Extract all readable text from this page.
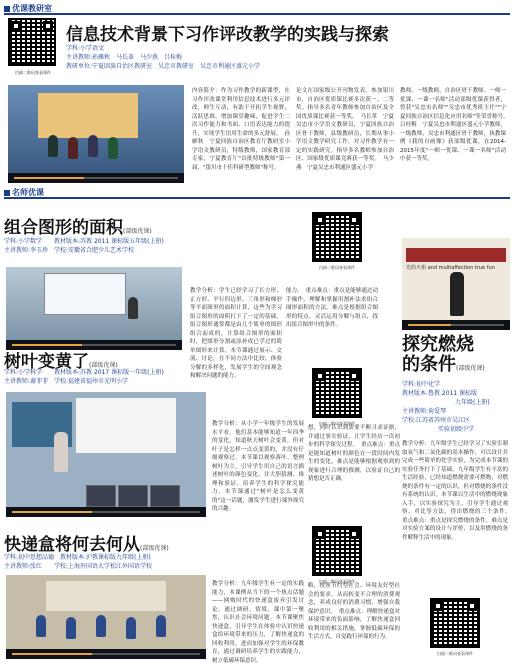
优课教研室
扫描二维码查看课件
信息技术背景下习作评改教学的实践与探索
学科:小学语文
主讲教师:孙雁秋　马长革　马少燕　吕桂梅
教研单位:宁夏回族自治区教研室　吴忠市教研室　吴忠市利通区盛元小学
内容简介：作为习作教学的新课型，在习作评改课堂利用信息技术进行多元评改，师生互动，有助于开拓学生视野，活跃思维，增加课堂趣味，促进学生二次习作能力和书面、口语表达能力的提升，实现学生语用生命的多元舒展。　孙雁秋　宁夏回族自治区教育厅教研室小学语文教研员，特级教师，国家教育部专家，宁夏教育厅"首批特级教师"第一届，"银川市十佳科研型教师"称号。
论文在国家级公开刊物发表。参加银川市，自治区优质课比赛多次获一、二等奖。指导多名青年教师参加自治区及全国优质课比赛获一等奖。　马长革　宁夏吴忠市小学语文教研员，宁夏回族自治区骨干教师，县级教研员，长期从事小学语文教学研究工作，对习作教学有一定的实践研究。指导多名教师参加自治区、国家级优质课竞赛获一等奖。　马少燕　宁夏吴忠市利通区盛元小学
教师，一级教师，自治区骨干教师。一师一优课、一课一名师"活动部级优课获得者，曾获"吴忠市名师""吴忠市优秀班主任""宁夏回族自治区信息化应用名师"等荣誉称号。　吕桂梅　宁夏吴忠市利通区盛元小学教师，一级教师，吴忠市利通区骨干教师，执教课例《我的自画像》获部级优课，在2014-2015年度"一师一优课、一课一名师"活动中获一等奖。
名师优课
组合图形的面积(部级优课)
学科:小学数学　　教材版本:苏教 2011 课标版五年级(上册)
主讲教师:李玉珍　学校:安徽省合肥少儿艺术学校
扫描二维码查看课件
教学分析：学生已经学习了长方形、正方形、平行四边形、三角形和梯形等平面图形的面积计算，这些为学习组合图形的面积打下了一定的基础。组合图形通常都是由几个简单的图形组合而成的，计算组合图形的面积时，把图形分割或添补成已学过的简单图形来计算。本节课通过展示、交流、讨论，在不同方法中比较、体验分解的多样化，发展学生的空间观念和解决问题的能力。
能力。　重点难点：重点是能够通过动手操作，理解和掌握用割补法求组合图形面积的方法。难点是根据组合图形的特点，灵活运用分解与组合，找出组合图形中的条件。
树叶变黄了(部级优课)
学科:小学科学　　教材版本:苏教 2017 课标版一年级(上册)
主讲教师:谢菲菲　学校:福建省福州市光明小学
扫描二维码查看课件
教学分析：从小学一年级学生的发展水平看，他们基本能够知道一年四季的变化，知道秋天树叶会变黄，但对叶子是怎样一点点变黄的，并没有仔细观察过。本节课以观察落叶、整理树叶为主，引导学生用自己的语言描述树叶的颜色变化，并大胆猜测、推理和验证，培养学生的科学探究能力。本节课通过"树叶是怎么变黄的"这一话题，激发学生进行课外探究的兴趣。
想，同时认识到需要不断寻求证据，并通过事实验证，让学生经历一次初步的科学探究过程。　重点难点：重点是能知道树叶的颜色在一段时间内发生的变化，难点是能够根据观察到的现象进行合理的推测，以验证自己的猜想是否正确。
快递盒将何去何从(部级优课)
学科:初中思想品德　教材版本:沪教课标版九年级(上册)
主讲教师:张红　　学校:上海外国语大学松江外国语学校
扫描二维码查看课件
教学分析：九年级学生有一定的实践能力，本课例从当下的一个热点话题——网购时代的快递盒废弃引发讨论，通过调研，情境，课中第一聚焦，认识社会环境问题。本节课聚焦快递盒，引导学生在体验中认识快递盒给环境带来的压力，了解快递盒的回收利用，进而加强对学生的环保教育，通过调研培养学生的实践能力，树立低碳环保意识。
略，按照节约型社会、环境友好型社会的要求，从而转变不合理的消费观念，养成良好的消费习惯，增强自我保护意识。　重点难点：理解快递盒对环境带来的负面影响，了解快递盒回收利用的相关措施。掌握低碳环保的生活方式，自觉践行环保的行为。
光的火焰 and multiaffection true fun
探究燃烧
的条件(部级优课)
学科:初中化学
教材版本:鲁教 2011 课标版
九年级(上册)
主讲教师:荷爱琴
学校:江苏省苏州市吴江区
实验初级中学
教学分析：九年级学生已经学习了实验室制取氧气和二氧化碳的基本操作，可以设计并完成一些简单的化学实验，为完成本节课的实验任务打下了基础。九年级学生有丰富的生活经验，已经知道燃烧需要可燃物，对燃烧的条件有一定的认识，但对燃烧的条件没有系统的认识。本节课以生活中的燃烧现象入手，以实验探究为主，引导学生通过观察、对比等方法，得出燃烧的三个条件。　重点难点：重点是探究燃烧的条件，难点是对实验方案的设计与评价，以及用燃烧的条件解释生活中的现象。
扫描二维码查看课件
